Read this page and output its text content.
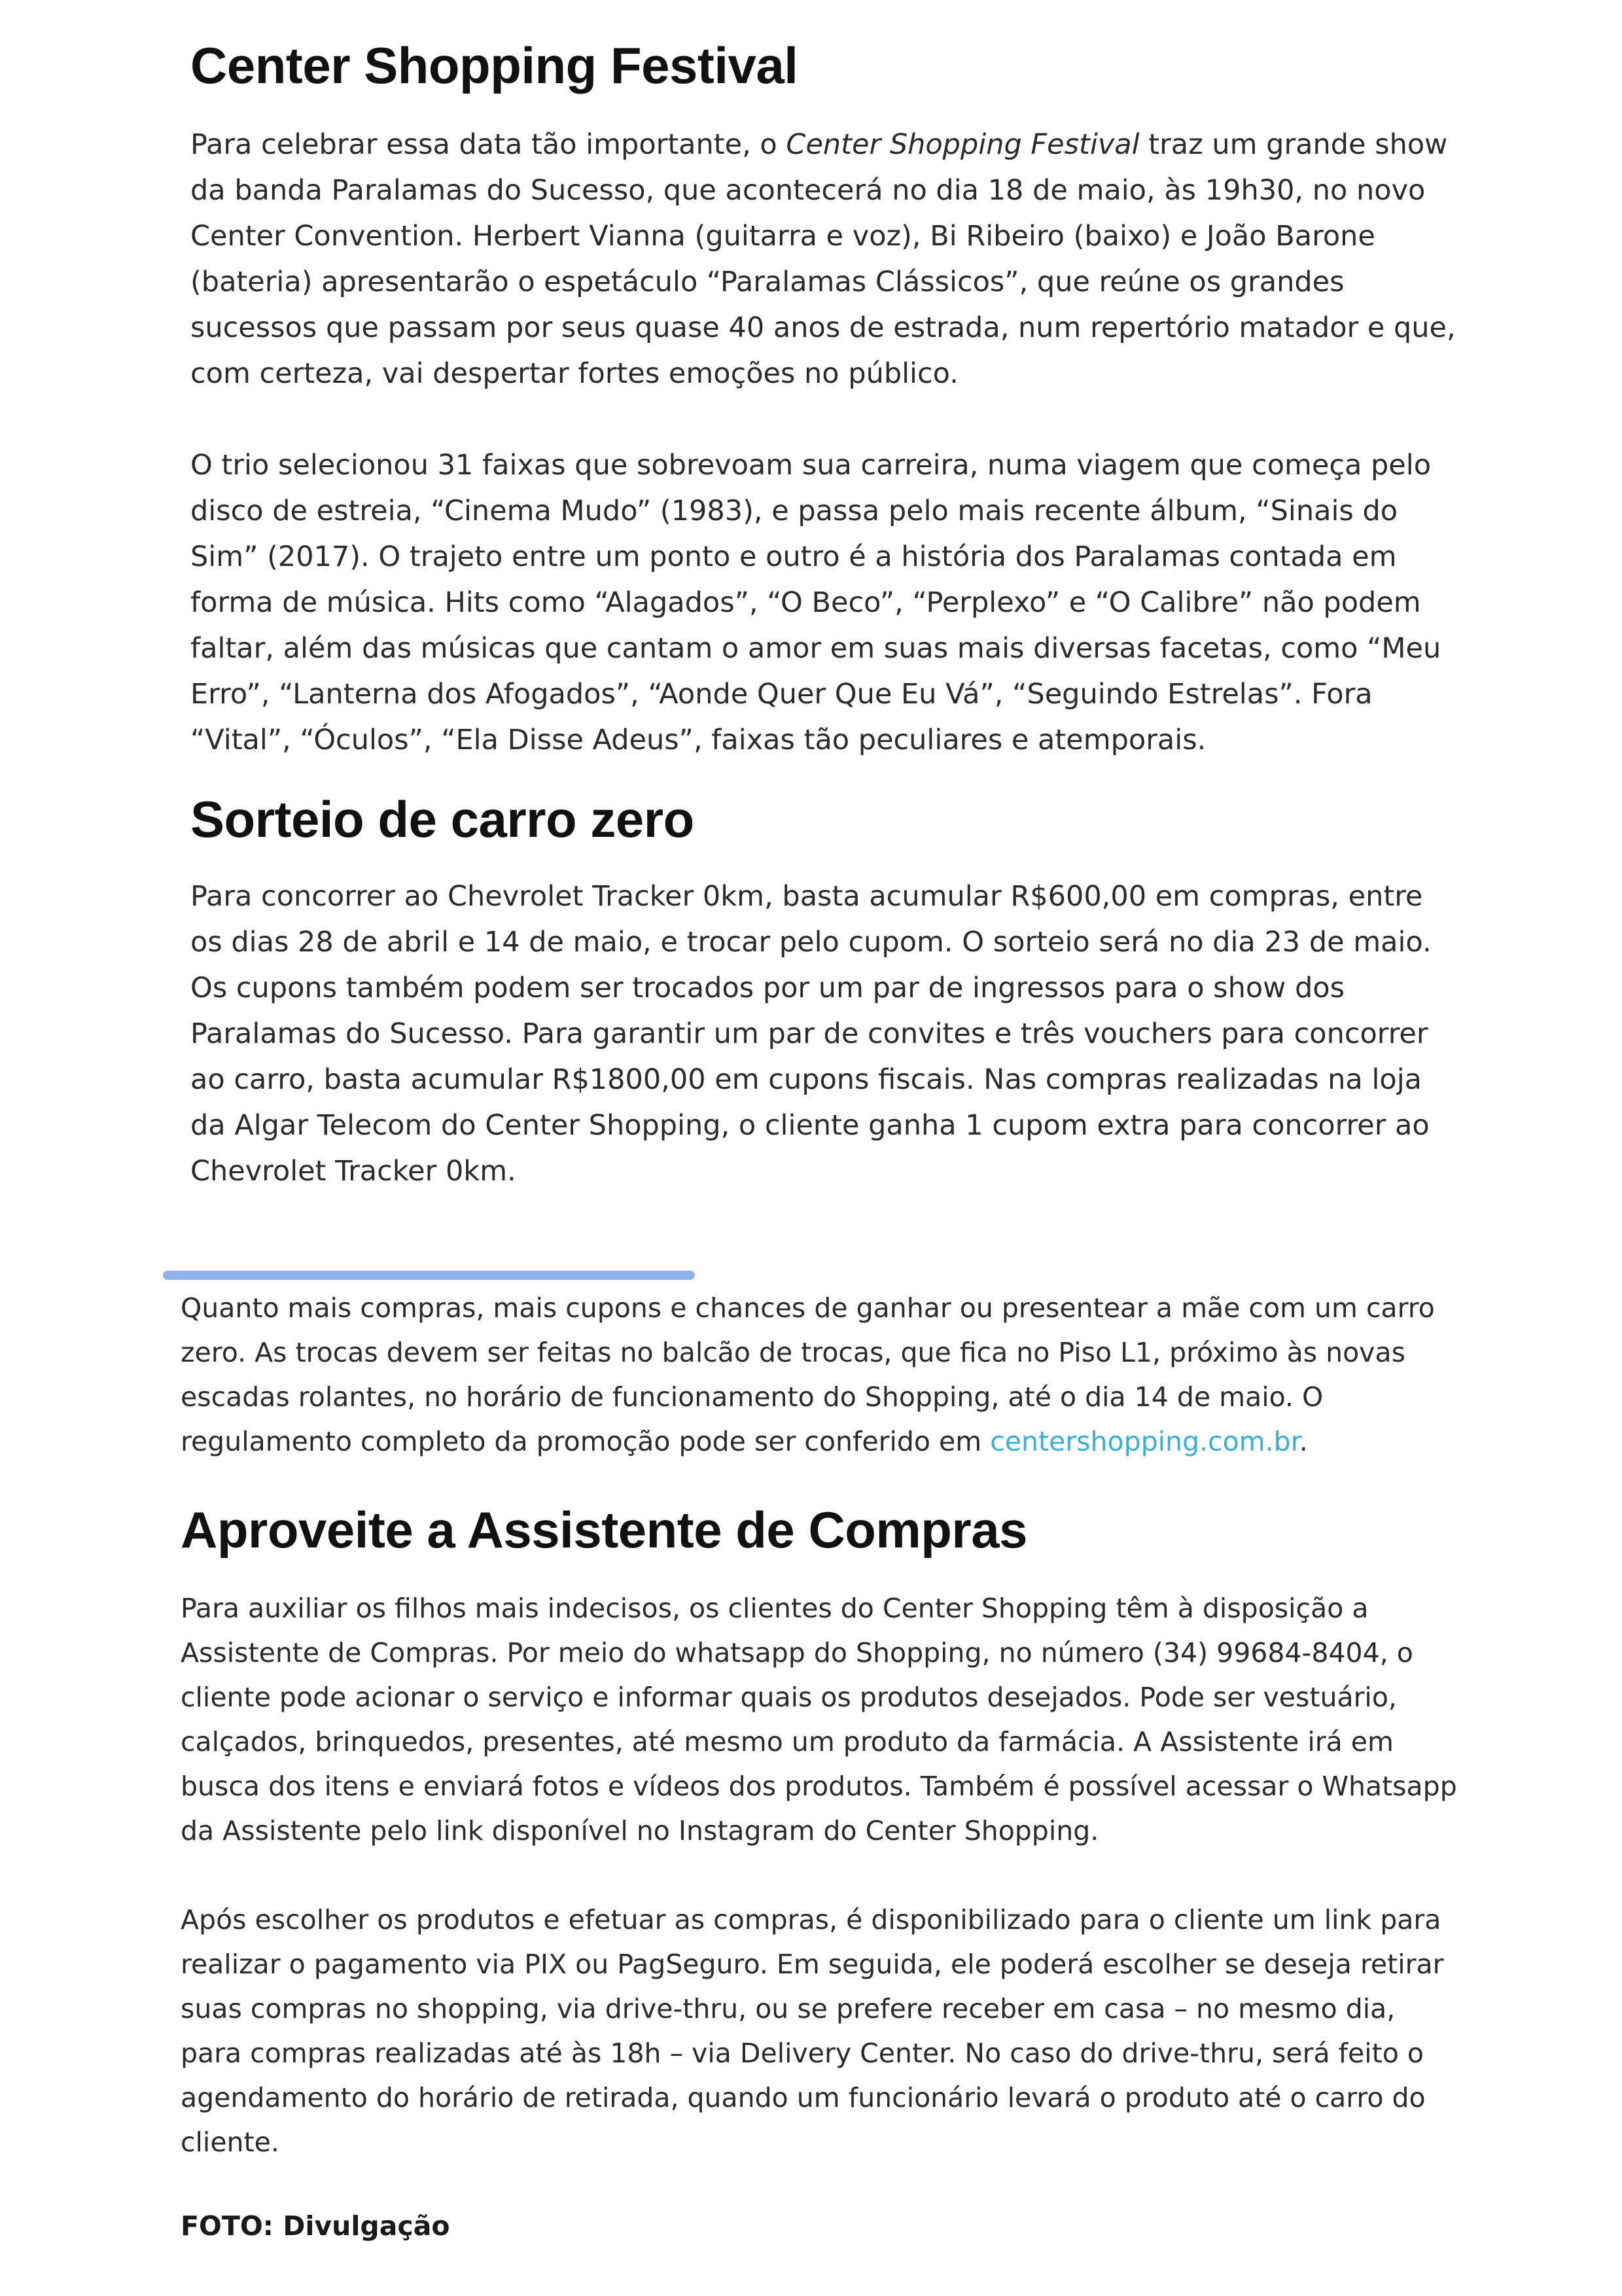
Center Shopping Festival

Para celebrar essa data tão importante, o Center Shopping Festival traz um grande show da banda Paralamas do Sucesso, que acontecerá no dia 18 de maio, às 19h30, no novo Center Convention. Herbert Vianna (guitarra e voz), Bi Ribeiro (baixo) e João Barone (bateria) apresentarão o espetáculo “Paralamas Clássicos”, que reúne os grandes sucessos que passam por seus quase 40 anos de estrada, num repertório matador e que, com certeza, vai despertar fortes emoções no público.

O trio selecionou 31 faixas que sobrevoam sua carreira, numa viagem que começa pelo disco de estreia, “Cinema Mudo” (1983), e passa pelo mais recente álbum, “Sinais do Sim” (2017). O trajeto entre um ponto e outro é a história dos Paralamas contada em forma de música. Hits como “Alagados”, “O Beco”, “Perplexo” e “O Calibre” não podem faltar, além das músicas que cantam o amor em suas mais diversas facetas, como “Meu Erro”, “Lanterna dos Afogados”, “Aonde Quer Que Eu Vá”, “Seguindo Estrelas”. Fora “Vital”, “Óculos”, “Ela Disse Adeus”, faixas tão peculiares e atemporais.

Sorteio de carro zero

Para concorrer ao Chevrolet Tracker 0km, basta acumular R$600,00 em compras, entre os dias 28 de abril e 14 de maio, e trocar pelo cupom. O sorteio será no dia 23 de maio. Os cupons também podem ser trocados por um par de ingressos para o show dos Paralamas do Sucesso. Para garantir um par de convites e três vouchers para concorrer ao carro, basta acumular R$1800,00 em cupons fiscais. Nas compras realizadas na loja da Algar Telecom do Center Shopping, o cliente ganha 1 cupom extra para concorrer ao Chevrolet Tracker 0km.

Quanto mais compras, mais cupons e chances de ganhar ou presentear a mãe com um carro zero. As trocas devem ser feitas no balcão de trocas, que fica no Piso L1, próximo às novas escadas rolantes, no horário de funcionamento do Shopping, até o dia 14 de maio. O regulamento completo da promoção pode ser conferido em centershopping.com.br.

Aproveite a Assistente de Compras

Para auxiliar os filhos mais indecisos, os clientes do Center Shopping têm à disposição a Assistente de Compras. Por meio do whatsapp do Shopping, no número (34) 99684-8404, o cliente pode acionar o serviço e informar quais os produtos desejados. Pode ser vestuário, calçados, brinquedos, presentes, até mesmo um produto da farmácia. A Assistente irá em busca dos itens e enviará fotos e vídeos dos produtos. Também é possível acessar o Whatsapp da Assistente pelo link disponível no Instagram do Center Shopping.

Após escolher os produtos e efetuar as compras, é disponibilizado para o cliente um link para realizar o pagamento via PIX ou PagSeguro. Em seguida, ele poderá escolher se deseja retirar suas compras no shopping, via drive-thru, ou se prefere receber em casa – no mesmo dia, para compras realizadas até às 18h – via Delivery Center. No caso do drive-thru, será feito o agendamento do horário de retirada, quando um funcionário levará o produto até o carro do cliente.

FOTO: Divulgação
